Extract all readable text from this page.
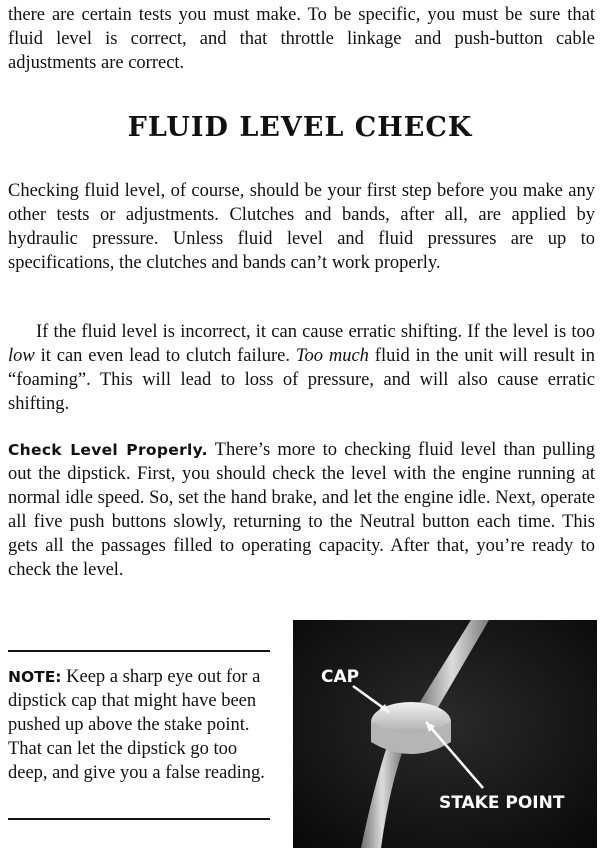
there are certain tests you must make. To be specific, you must be sure that fluid level is correct, and that throttle linkage and push-button cable adjustments are correct.

FLUID LEVEL CHECK

Checking fluid level, of course, should be your first step before you make any other tests or adjustments. Clutches and bands, after all, are applied by hydraulic pressure. Unless fluid level and fluid pressures are up to specifications, the clutches and bands can’t work properly.

If the fluid level is incorrect, it can cause erratic shifting. If the level is too low it can even lead to clutch failure. Too much fluid in the unit will result in “foaming”. This will lead to loss of pressure, and will also cause erratic shifting.

Check Level Properly. There’s more to checking fluid level than pulling out the dipstick. First, you should check the level with the engine running at normal idle speed. So, set the hand brake, and let the engine idle. Next, operate all five push buttons slowly, returning to the Neutral button each time. This gets all the passages filled to operating capacity. After that, you’re ready to check the level.

NOTE: Keep a sharp eye out for a dipstick cap that might have been pushed up above the stake point. That can let the dipstick go too deep, and give you a false reading.

CAP
STAKE POINT
